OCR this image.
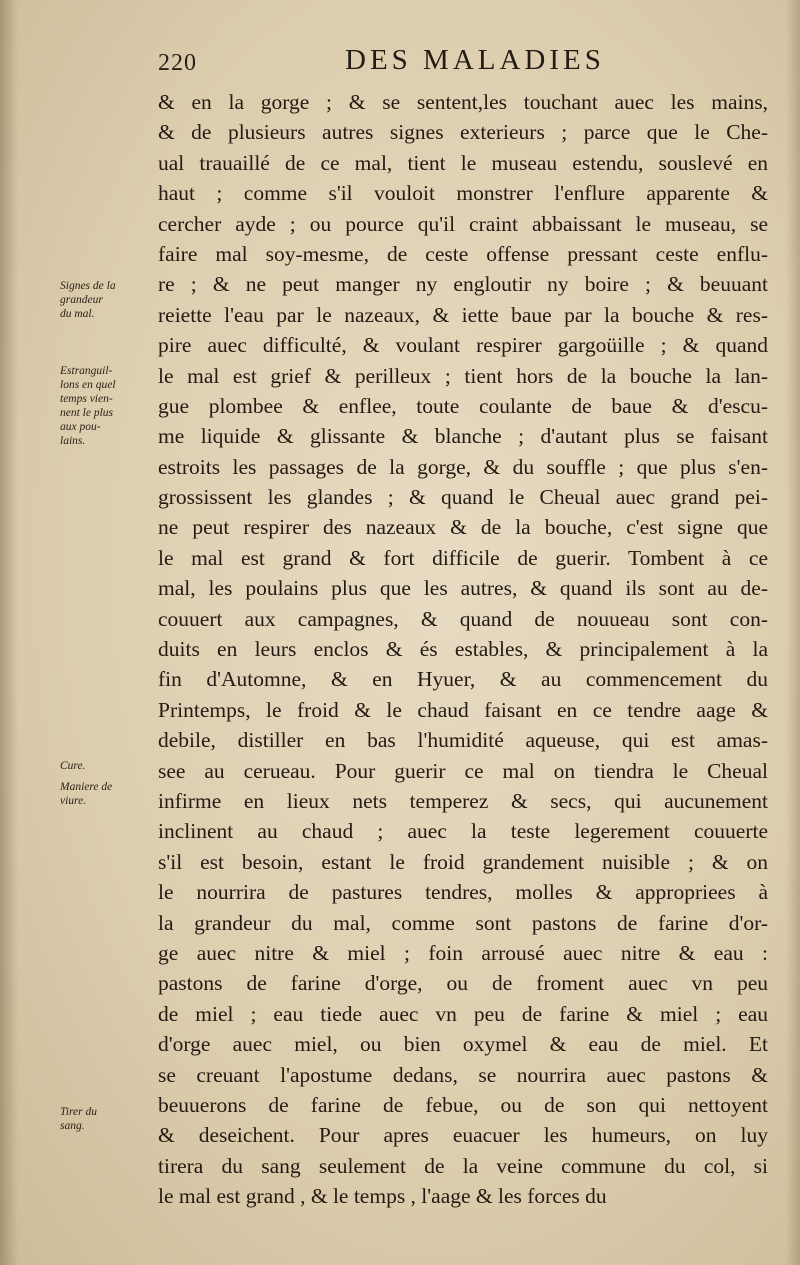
220	DES MALADIES
& en la gorge ; & se sentent,les touchant auec les mains,
& de plusieurs autres signes exterieurs ; parce que le Che-
ual trauaillé de ce mal, tient le museau estendu, souslevé en
haut ; comme s'il vouloit monstrer l'enflure apparente &
cercher ayde ; ou pource qu'il craint abbaissant le museau, se
faire mal soy-mesme, de ceste offense pressant ceste enflu-
re ; & ne peut manger ny engloutir ny boire ; & beuuant
reiette l'eau par le nazeaux, & iette baue par la bouche & res-
pire auec difficulté, & voulant respirer gargoüille ; & quand
le mal est grief & perilleux ; tient hors de la bouche la lan-
gue plombee & enflee, toute coulante de baue & d'escu-
me liquide & glissante & blanche ; d'autant plus se faisant
estroits les passages de la gorge, & du souffle ; que plus s'en-
grossissent les glandes ; & quand le Cheual auec grand pei-
ne peut respirer des nazeaux & de la bouche, c'est signe que
le mal est grand & fort difficile de guerir. Tombent à ce
mal, les poulains plus que les autres, & quand ils sont au de-
couuert aux campagnes, & quand de nouueau sont con-
duits en leurs enclos & és estables, & principalement à la
fin d'Automne, & en Hyuer, & au commencement du
Printemps, le froid & le chaud faisant en ce tendre aage &
debile, distiller en bas l'humidité aqueuse, qui est amas-
see au cerueau. Pour guerir ce mal on tiendra le Cheual
infirme en lieux nets temperez & secs, qui aucunement
inclinent au chaud ; auec la teste legerement couuerte
s'il est besoin, estant le froid grandement nuisible ; & on
le nourrira de pastures tendres, molles & appropriees à
la grandeur du mal, comme sont pastons de farine d'or-
ge auec nitre & miel ; foin arrousé auec nitre & eau :
pastons de farine d'orge, ou de froment auec vn peu
de miel ; eau tiede auec vn peu de farine & miel ; eau
d'orge auec miel, ou bien oxymel & eau de miel. Et
se creuant l'apostume dedans, se nourrira auec pastons &
beuuerons de farine de febue, ou de son qui nettoyent
& deseichent. Pour apres euacuer les humeurs, on luy
tirera du sang seulement de la veine commune du col, si
le mal est grand , & le temps , l'aage & les forces du
Signes de la
grandeur
du mal.
Estranguil-
lons en quel
temps vien-
nent le plus
aux pou-
lains.
Cure.
Maniere de
viure.
Tirer du
sang.
